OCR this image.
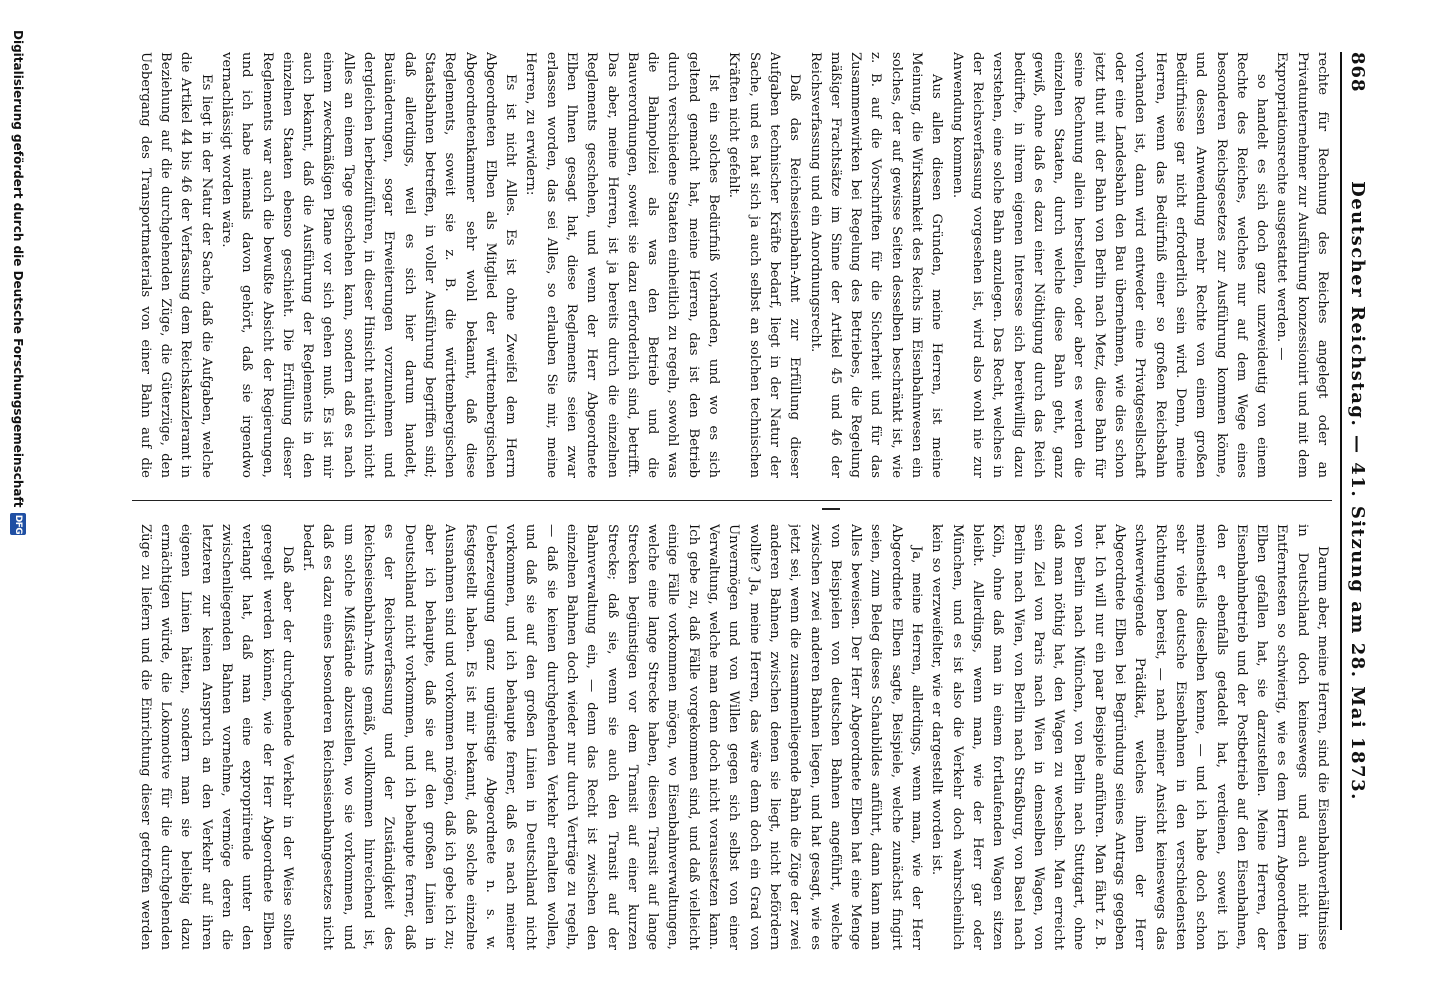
868
Deutscher Reichstag. — 41. Sitzung am 28. Mai 1873.

rechte für Rechnung des Reiches angelegt oder an Privatunternehmer zur Ausführung konzessionirt und mit dem Expropriationsrechte ausgestattet werden. —

so handelt es sich doch ganz unzweideutig von einem Rechte des Reiches, welches nur auf dem Wege eines besonderen Reichsgesetzes zur Ausführung kommen könne, und dessen Anwendung mehr Rechte von einem großen Bedürfnisse gar nicht erforderlich sein wird. Denn, meine Herren, wenn das Bedürfniß einer so großen Reichsbahn vorhanden ist, dann wird entweder eine Privatgesellschaft oder eine Landesbahn den Bau übernehmen, wie dies schon jetzt thut mit der Bahn von Berlin nach Metz, diese Bahn für seine Rechnung allein herstellen, oder aber es werden die einzelnen Staaten, durch welche diese Bahn geht, ganz gewiß, ohne daß es dazu einer Nöthigung durch das Reich bedürfte, in ihrem eigenen Interesse sich bereitwillig dazu verstehen, eine solche Bahn anzulegen. Das Recht, welches in der Reichsverfassung vorgesehen ist, wird also wohl nie zur Anwendung kommen.

Aus allen diesen Gründen, meine Herren, ist meine Meinung, die Wirksamkeit des Reichs im Eisenbahnwesen ein solches, der auf gewisse Seiten desselben beschränkt ist, wie z. B. auf die Vorschriften für die Sicherheit und für das Zusammenwirken bei Regelung des Betriebes, die Regelung mäßiger Frachtsätze im Sinne der Artikel 45 und 46 der Reichsverfassung und ein Anordnungsrecht.

Daß das Reichseisenbahn-Amt zur Erfüllung dieser Aufgaben technischer Kräfte bedarf, liegt in der Natur der Sache, und es hat sich ja auch selbst an solchen technischen Kräften nicht gefehlt.

Ist ein solches Bedürfniß vorhanden, und wo es sich geltend gemacht hat, meine Herren, das ist den Betrieb durch verschiedene Staaten einheitlich zu regeln, sowohl was die Bahnpolizei als was den Betrieb und die Bauverordnungen, soweit sie dazu erforderlich sind, betrifft. Das aber, meine Herren, ist ja bereits durch die einzelnen Reglements geschehen, und wenn der Herr Abgeordnete Elben Ihnen gesagt hat, diese Reglements seien zwar erlassen worden, das sei Alles, so erlauben Sie mir, meine Herren, zu erwidern:

Es ist nicht Alles. Es ist ohne Zweifel dem Herrn Abgeordneten Elben als Mitglied der württembergischen Abgeordnetenkammer sehr wohl bekannt, daß diese Reglements, soweit sie z. B. die württembergischen Staatsbahnen betreffen, in voller Ausführung begriffen sind; daß allerdings, weil es sich hier darum handelt, Bauänderungen, sogar Erweiterungen vorzunehmen und dergleichen herbeizuführen, in dieser Hinsicht natürlich nicht Alles an einem Tage geschehen kann, sondern daß es nach einem zweckmäßigen Plane vor sich gehen muß. Es ist mir auch bekannt, daß die Ausführung der Reglements in den einzelnen Staaten ebenso geschieht. Die Erfüllung dieser Reglements war auch die bewußte Absicht der Regierungen, und ich habe niemals davon gehört, daß sie irgendwo vernachlässigt worden wäre.

Es liegt in der Natur der Sache, daß die Aufgaben, welche die Artikel 44 bis 46 der Verfassung dem Reichskanzleramt in Beziehung auf die durchgehenden Züge, die Güterzüge, den Uebergang des Transportmaterials von einer Bahn auf die

Darum aber, meine Herren, sind die Eisenbahnverhältnisse in Deutschland doch keineswegs und auch nicht im Entferntesten so schwierig, wie es dem Herrn Abgeordneten Elben gefallen hat, sie darzustellen. Meine Herren, der Eisenbahnbetrieb und der Postbetrieb auf den Eisenbahnen, den er ebenfalls getadelt hat, verdienen, soweit ich meinestheils dieselben kenne, — und ich habe doch schon sehr viele deutsche Eisenbahnen in den verschiedensten Richtungen bereist, — nach meiner Ansicht keineswegs das schwerwiegende Prädikat, welches ihnen der Herr Abgeordnete Elben bei Begründung seines Antrags gegeben hat. Ich will nur ein paar Beispiele anführen. Man fährt z. B. von Berlin nach München, von Berlin nach Stuttgart, ohne daß man nöthig hat, den Wagen zu wechseln. Man erreicht sein Ziel von Paris nach Wien in demselben Wagen, von Berlin nach Wien, von Berlin nach Straßburg, von Basel nach Köln, ohne daß man in einem fortlaufenden Wagen sitzen bleibt. Allerdings, wenn man, wie der Herr gar oder München, und es ist also die Verkehr doch wahrscheinlich kein so verzweifelter, wie er dargestellt worden ist.

Ja, meine Herren, allerdings, wenn man, wie der Herr Abgeordnete Elben sagte, Beispiele, welche zunächst fingirt seien, zum Beleg dieses Schaubildes anführt, dann kann man Alles beweisen. Der Herr Abgeordnete Elben hat eine Menge von Beispielen von deutschen Bahnen angeführt, welche zwischen zwei anderen Bahnen liegen, und hat gesagt, wie es jetzt sei, wenn die zusammenliegende Bahn die Züge der zwei anderen Bahnen, zwischen denen sie liegt, nicht befördern wollte? Ja, meine Herren, das wäre denn doch ein Grad von Unvermögen und von Willen gegen sich selbst von einer Verwaltung, welche man denn doch nicht voraussetzen kann. Ich gebe zu, daß Fälle vorgekommen sind, und daß vielleicht einige Fälle vorkommen mögen, wo Eisenbahnverwaltungen, welche eine lange Strecke haben, diesen Transit auf lange Strecken begünstigen vor dem Transit auf einer kurzen Strecke; daß sie, wenn sie auch den Transit auf der Bahnverwaltung ein, — denn das Recht ist zwischen den einzelnen Bahnen doch wieder nur durch Verträge zu regeln, — daß sie keinen durchgehenden Verkehr erhalten wollen, und daß sie auf den großen Linien in Deutschland nicht vorkommen, und ich behaupte ferner, daß es nach meiner Ueberzeugung ganz ungünstige Abgeordnete n. s. w. festgestellt haben. Es ist mir bekannt, daß solche einzelne Ausnahmen sind und vorkommen mögen, daß ich gebe ich zu; aber ich behaupte, daß sie auf den großen Linien in Deutschland nicht vorkommen, und ich behaupte ferner, daß es der Reichsverfassung und der Zuständigkeit des Reichseisenbahn-Amts gemäß, vollkommen hinreichend ist, um solche Mißstände abzustellen, wo sie vorkommen, und daß es dazu eines besonderen Reichseisenbahngesetzes nicht bedarf.

Daß aber der durchgehende Verkehr in der Weise sollte geregelt werden können, wie der Herr Abgeordnete Elben verlangt hat, daß man eine expropriirende unter den zwischenliegenden Bahnen vornehme, vermöge deren die letzteren zur keinen Anspruch an den Verkehr auf ihren eigenen Linien hätten, sondern man sie beliebig dazu ermächtigen würde, die Lokomotive für die durchgehenden Züge zu liefern und die Einrichtung dieser getroffen werden

Digitalisierung gefördert durch die Deutsche Forschungsgemeinschaft
DFG
